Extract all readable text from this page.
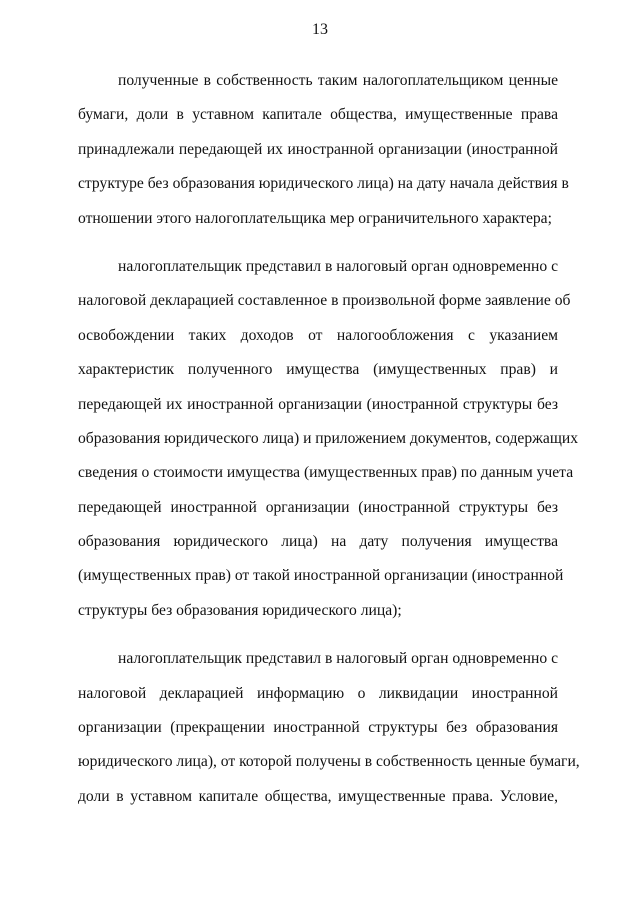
13
полученные в собственность таким налогоплательщиком ценные
бумаги, доли в уставном капитале общества, имущественные права
принадлежали передающей их иностранной организации (иностранной
структуре без образования юридического лица) на дату начала действия в
отношении этого налогоплательщика мер ограничительного характера;
налогоплательщик представил в налоговый орган одновременно с
налоговой декларацией составленное в произвольной форме заявление об
освобождении таких доходов от налогообложения с указанием
характеристик полученного имущества (имущественных прав) и
передающей их иностранной организации (иностранной структуры без
образования юридического лица) и приложением документов, содержащих
сведения о стоимости имущества (имущественных прав) по данным учета
передающей иностранной организации (иностранной структуры без
образования юридического лица) на дату получения имущества
(имущественных прав) от такой иностранной организации (иностранной
структуры без образования юридического лица);
налогоплательщик представил в налоговый орган одновременно с
налоговой декларацией информацию о ликвидации иностранной
организации (прекращении иностранной структуры без образования
юридического лица), от которой получены в собственность ценные бумаги,
доли в уставном капитале общества, имущественные права. Условие,
